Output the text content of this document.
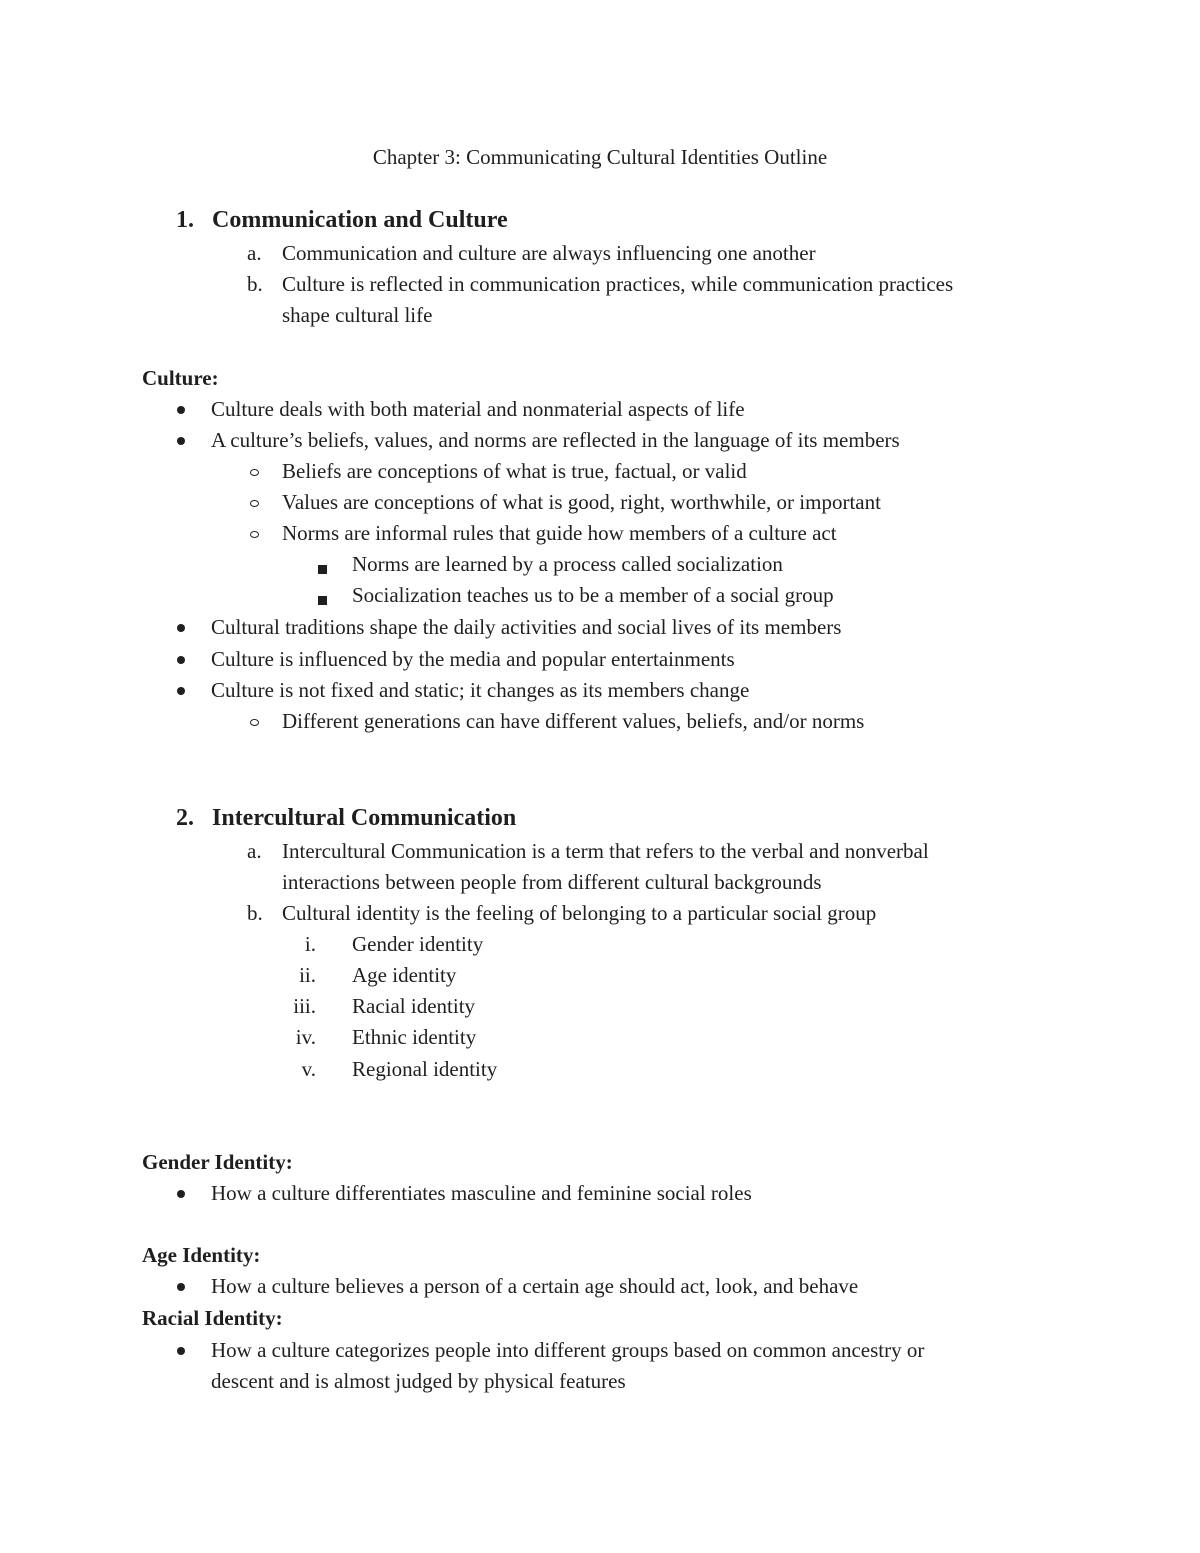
Chapter 3: Communicating Cultural Identities Outline
1. Communication and Culture
a. Communication and culture are always influencing one another
b. Culture is reflected in communication practices, while communication practices
shape cultural life
Culture:
Culture deals with both material and nonmaterial aspects of life
A culture’s beliefs, values, and norms are reflected in the language of its members
Beliefs are conceptions of what is true, factual, or valid
Values are conceptions of what is good, right, worthwhile, or important
Norms are informal rules that guide how members of a culture act
Norms are learned by a process called socialization
Socialization teaches us to be a member of a social group
Cultural traditions shape the daily activities and social lives of its members
Culture is influenced by the media and popular entertainments
Culture is not fixed and static; it changes as its members change
Different generations can have different values, beliefs, and/or norms
2. Intercultural Communication
a. Intercultural Communication is a term that refers to the verbal and nonverbal
interactions between people from different cultural backgrounds
b. Cultural identity is the feeling of belonging to a particular social group
i. Gender identity
ii. Age identity
iii. Racial identity
iv. Ethnic identity
v. Regional identity
Gender Identity:
How a culture differentiates masculine and feminine social roles
Age Identity:
How a culture believes a person of a certain age should act, look, and behave
Racial Identity:
How a culture categorizes people into different groups based on common ancestry or
descent and is almost judged by physical features
